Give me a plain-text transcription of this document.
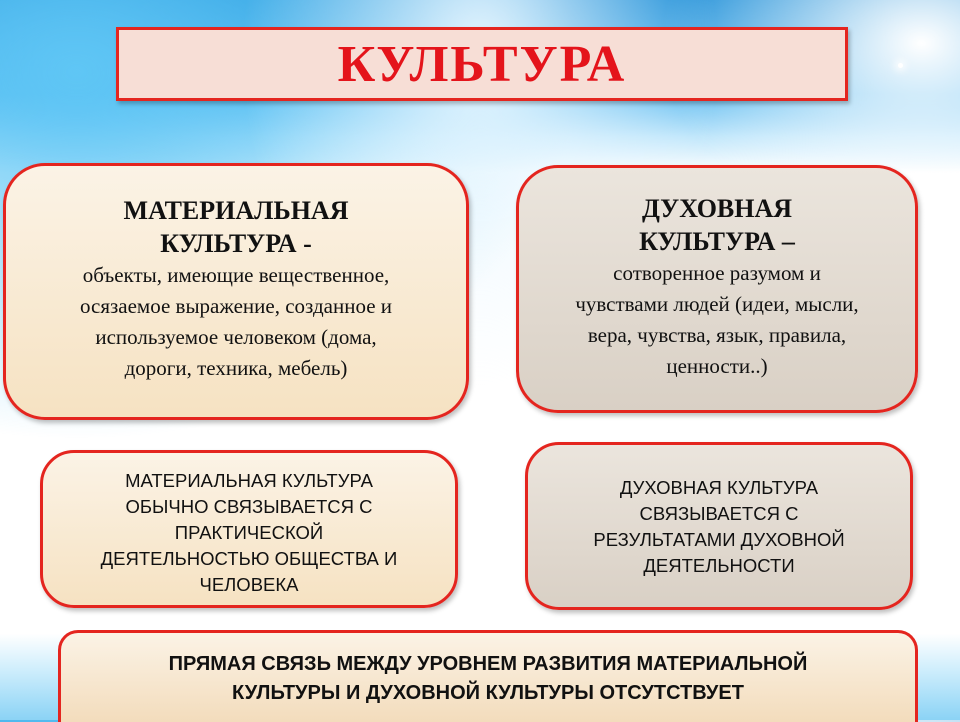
КУЛЬТУРА
МАТЕРИАЛЬНАЯ
КУЛЬТУРА -
объекты, имеющие вещественное,
осязаемое выражение, созданное и
используемое человеком (дома,
дороги, техника, мебель)
ДУХОВНАЯ
КУЛЬТУРА –
сотворенное разумом и
чувствами людей (идеи, мысли,
вера, чувства, язык, правила,
ценности..)
МАТЕРИАЛЬНАЯ КУЛЬТУРА
ОБЫЧНО СВЯЗЫВАЕТСЯ С
ПРАКТИЧЕСКОЙ
ДЕЯТЕЛЬНОСТЬЮ ОБЩЕСТВА И
ЧЕЛОВЕКА
ДУХОВНАЯ КУЛЬТУРА
СВЯЗЫВАЕТСЯ С
РЕЗУЛЬТАТАМИ ДУХОВНОЙ
ДЕЯТЕЛЬНОСТИ
ПРЯМАЯ СВЯЗЬ МЕЖДУ УРОВНЕМ РАЗВИТИЯ МАТЕРИАЛЬНОЙ
КУЛЬТУРЫ И ДУХОВНОЙ КУЛЬТУРЫ ОТСУТСТВУЕТ
